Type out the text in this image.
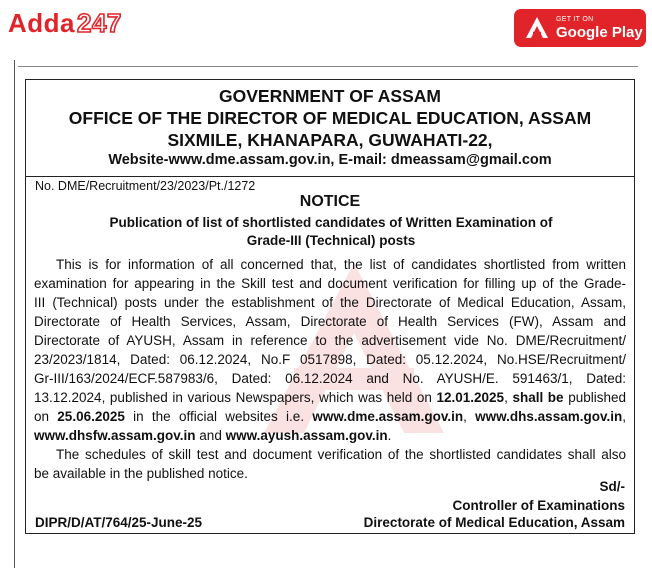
Adda 247	GET IT ON
Google Play
GOVERNMENT OF ASSAM
OFFICE OF THE DIRECTOR OF MEDICAL EDUCATION, ASSAM
SIXMILE, KHANAPARA, GUWAHATI-22,
Website-www.dme.assam.gov.in, E-mail: dmeassam@gmail.com
No. DME/Recruitment/23/2023/Pt./1272
NOTICE
Publication of list of shortlisted candidates of Written Examination of
Grade-III (Technical) posts

This is for information of all concerned that, the list of candidates shortlisted from written
examination for appearing in the Skill test and document verification for filling up of the Grade-
III (Technical) posts under the establishment of the Directorate of Medical Education, Assam,
Directorate of Health Services, Assam, Directorate of Health Services (FW), Assam and
Directorate of AYUSH, Assam in reference to the advertisement vide No. DME/Recruitment/
23/2023/1814, Dated: 06.12.2024, No.F 0517898, Dated: 05.12.2024, No.HSE/Recruitment/
Gr-III/163/2024/ECF.587983/6, Dated: 06.12.2024 and No. AYUSH/E. 591463/1, Dated:
13.12.2024, published in various Newspapers, which was held on 12.01.2025, shall be published
on 25.06.2025 in the official websites i.e. www.dme.assam.gov.in, www.dhs.assam.gov.in,
www.dhsfw.assam.gov.in and www.ayush.assam.gov.in.

The schedules of skill test and document verification of the shortlisted candidates shall also
be available in the published notice.

Sd/-
Controller of Examinations
Directorate of Medical Education, Assam
DIPR/D/AT/764/25-June-25
